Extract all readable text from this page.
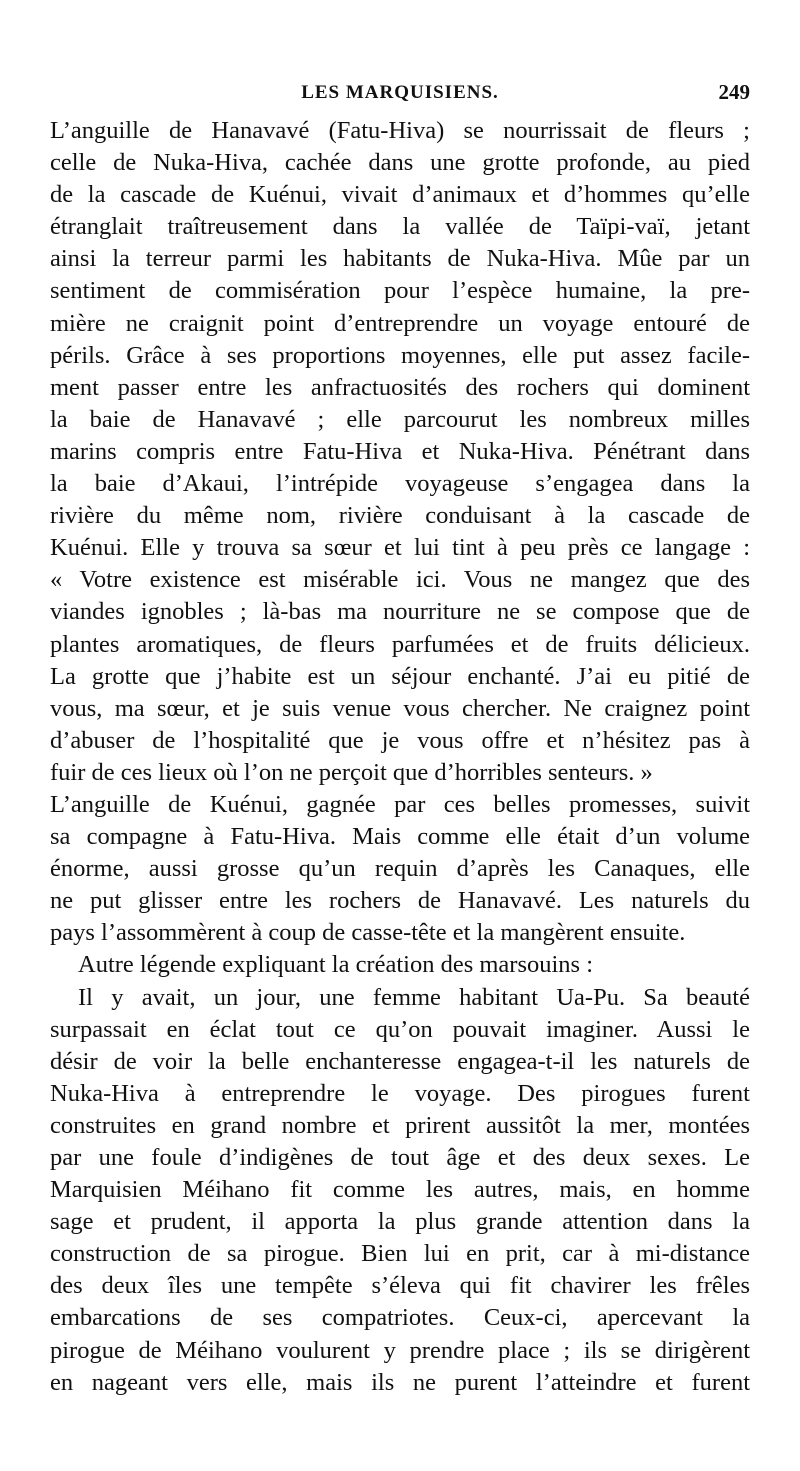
LES MARQUISIENS.	249
L’anguille de Hanavavé (Fatu-Hiva) se nourrissait de fleurs ;
celle de Nuka-Hiva, cachée dans une grotte profonde, au pied
de la cascade de Kuénui, vivait d’animaux et d’hommes qu’elle
étranglait traîtreusement dans la vallée de Taïpi-vaï, jetant
ainsi la terreur parmi les habitants de Nuka-Hiva. Mûe par un
sentiment de commisération pour l’espèce humaine, la pre-
mière ne craignit point d’entreprendre un voyage entouré de
périls. Grâce à ses proportions moyennes, elle put assez facile-
ment passer entre les anfractuosités des rochers qui dominent
la baie de Hanavavé ; elle parcourut les nombreux milles
marins compris entre Fatu-Hiva et Nuka-Hiva. Pénétrant dans
la baie d’Akaui, l’intrépide voyageuse s’engagea dans la
rivière du même nom, rivière conduisant à la cascade de
Kuénui. Elle y trouva sa sœur et lui tint à peu près ce langage :
« Votre existence est misérable ici. Vous ne mangez que des
viandes ignobles ; là-bas ma nourriture ne se compose que de
plantes aromatiques, de fleurs parfumées et de fruits délicieux.
La grotte que j’habite est un séjour enchanté. J’ai eu pitié de
vous, ma sœur, et je suis venue vous chercher. Ne craignez point
d’abuser de l’hospitalité que je vous offre et n’hésitez pas à
fuir de ces lieux où l’on ne perçoit que d’horribles senteurs. »
L’anguille de Kuénui, gagnée par ces belles promesses, suivit
sa compagne à Fatu-Hiva. Mais comme elle était d’un volume
énorme, aussi grosse qu’un requin d’après les Canaques, elle
ne put glisser entre les rochers de Hanavavé. Les naturels du
pays l’assommèrent à coup de casse-tête et la mangèrent ensuite.
Autre légende expliquant la création des marsouins :
Il y avait, un jour, une femme habitant Ua-Pu. Sa beauté
surpassait en éclat tout ce qu’on pouvait imaginer. Aussi le
désir de voir la belle enchanteresse engagea-t-il les naturels de
Nuka-Hiva à entreprendre le voyage. Des pirogues furent
construites en grand nombre et prirent aussitôt la mer, montées
par une foule d’indigènes de tout âge et des deux sexes. Le
Marquisien Méihano fit comme les autres, mais, en homme
sage et prudent, il apporta la plus grande attention dans la
construction de sa pirogue. Bien lui en prit, car à mi-distance
des deux îles une tempête s’éleva qui fit chavirer les frêles
embarcations de ses compatriotes. Ceux-ci, apercevant la
pirogue de Méihano voulurent y prendre place ; ils se dirigèrent
en nageant vers elle, mais ils ne purent l’atteindre et furent
